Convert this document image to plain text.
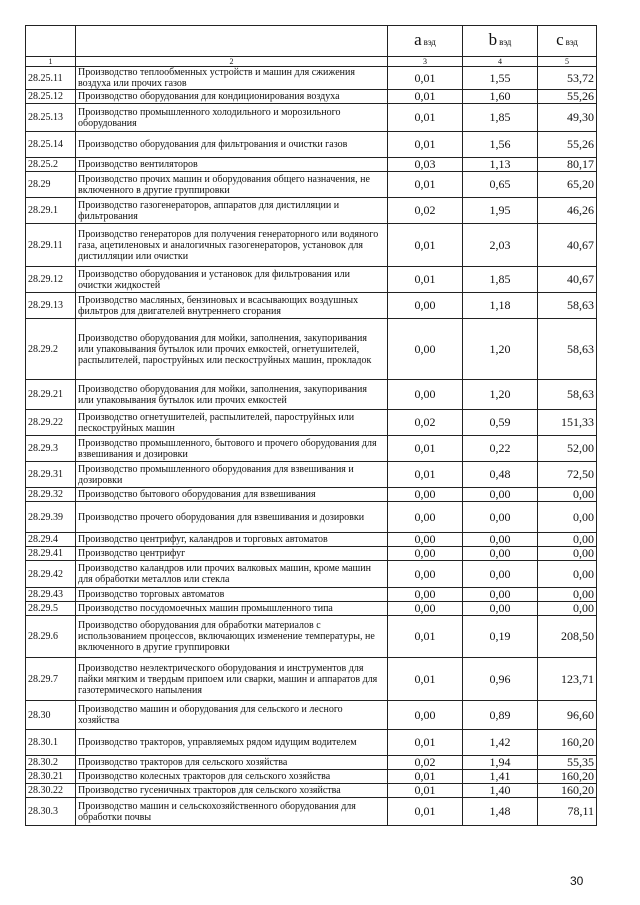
		а вэд	b вэд	c вэд
1	2	3	4	5
28.25.11	Производство теплообменных устройств и машин для сжижения воздуха или прочих газов	0,01	1,55	53,72
28.25.12	Производство оборудования для кондиционирования воздуха	0,01	1,60	55,26
28.25.13	Производство промышленного холодильного и морозильного оборудования	0,01	1,85	49,30
28.25.14	Производство оборудования для фильтрования и очистки газов	0,01	1,56	55,26
28.25.2	Производство вентиляторов	0,03	1,13	80,17
28.29	Производство прочих машин и оборудования общего назначения, не включенного в другие группировки	0,01	0,65	65,20
28.29.1	Производство газогенераторов, аппаратов для дистилляции и фильтрования	0,02	1,95	46,26
28.29.11	Производство генераторов для получения генераторного или водяного газа, ацетиленовых и аналогичных газогенераторов, установок для дистилляции или очистки	0,01	2,03	40,67
28.29.12	Производство оборудования и установок для фильтрования или очистки жидкостей	0,01	1,85	40,67
28.29.13	Производство масляных, бензиновых и всасывающих воздушных фильтров для двигателей внутреннего сгорания	0,00	1,18	58,63
28.29.2	Производство оборудования для мойки, заполнения, закупоривания или упаковывания бутылок или прочих емкостей, огнетушителей, распылителей, пароструйных или пескоструйных машин, прокладок	0,00	1,20	58,63
28.29.21	Производство оборудования для мойки, заполнения, закупоривания или упаковывания бутылок или прочих емкостей	0,00	1,20	58,63
28.29.22	Производство огнетушителей, распылителей, пароструйных или пескоструйных машин	0,02	0,59	151,33
28.29.3	Производство промышленного, бытового и прочего оборудования для взвешивания и дозировки	0,01	0,22	52,00
28.29.31	Производство промышленного оборудования для взвешивания и дозировки	0,01	0,48	72,50
28.29.32	Производство бытового оборудования для взвешивания	0,00	0,00	0,00
28.29.39	Производство прочего оборудования для взвешивания и дозировки	0,00	0,00	0,00
28.29.4	Производство центрифуг, каландров и торговых автоматов	0,00	0,00	0,00
28.29.41	Производство центрифуг	0,00	0,00	0,00
28.29.42	Производство каландров или прочих валковых машин, кроме машин для обработки металлов или стекла	0,00	0,00	0,00
28.29.43	Производство торговых автоматов	0,00	0,00	0,00
28.29.5	Производство посудомоечных машин промышленного типа	0,00	0,00	0,00
28.29.6	Производство оборудования для обработки материалов с использованием процессов, включающих изменение температуры, не включенного в другие группировки	0,01	0,19	208,50
28.29.7	Производство неэлектрического оборудования и инструментов для пайки мягким и твердым припоем или сварки, машин и аппаратов для газотермического напыления	0,01	0,96	123,71
28.30	Производство машин и оборудования для сельского и лесного хозяйства	0,00	0,89	96,60
28.30.1	Производство тракторов, управляемых рядом идущим водителем	0,01	1,42	160,20
28.30.2	Производство тракторов для сельского хозяйства	0,02	1,94	55,35
28.30.21	Производство колесных тракторов для сельского хозяйства	0,01	1,41	160,20
28.30.22	Производство гусеничных тракторов для сельского хозяйства	0,01	1,40	160,20
28.30.3	Производство машин и сельскохозяйственного оборудования для обработки почвы	0,01	1,48	78,11
30
